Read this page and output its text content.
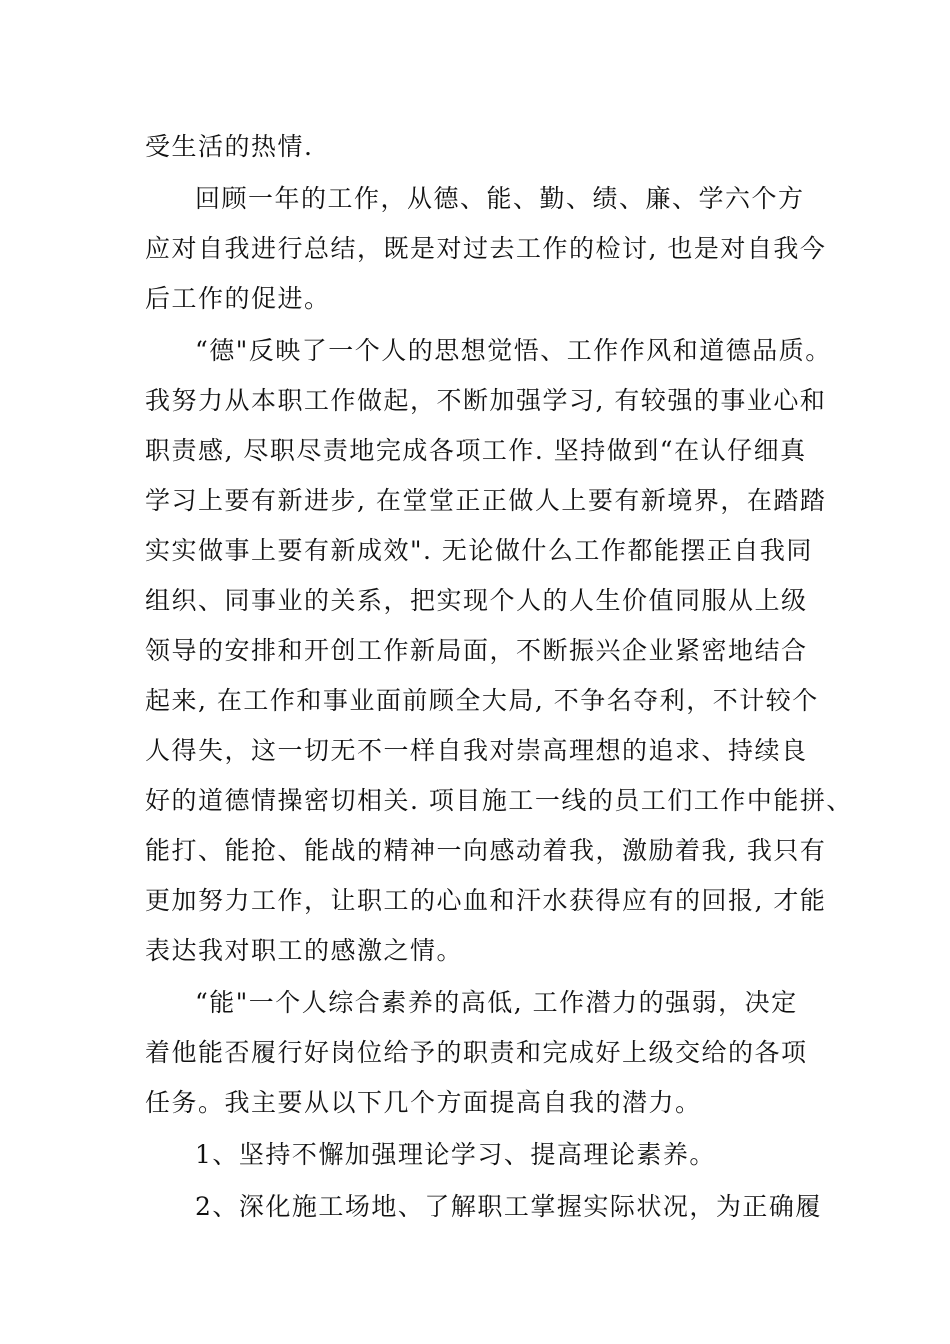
受生活的热情.
回顾一年的工作，从德、能、勤、绩、廉、学六个方
应对自我进行总结，既是对过去工作的检讨, 也是对自我今
后工作的促进。
“德"反映了一个人的思想觉悟、工作作风和道德品质。
我努力从本职工作做起，不断加强学习, 有较强的事业心和
职责感, 尽职尽责地完成各项工作. 坚持做到“在认仔细真
学习上要有新进步, 在堂堂正正做人上要有新境界，在踏踏
实实做事上要有新成效". 无论做什么工作都能摆正自我同
组织、同事业的关系，把实现个人的人生价值同服从上级
领导的安排和开创工作新局面，不断振兴企业紧密地结合
起来, 在工作和事业面前顾全大局, 不争名夺利，不计较个
人得失，这一切无不一样自我对崇高理想的追求、持续良
好的道德情操密切相关. 项目施工一线的员工们工作中能拼、
能打、能抢、能战的精神一向感动着我，激励着我, 我只有
更加努力工作，让职工的心血和汗水获得应有的回报, 才能
表达我对职工的感激之情。
“能"一个人综合素养的高低, 工作潜力的强弱，决定
着他能否履行好岗位给予的职责和完成好上级交给的各项
任务。我主要从以下几个方面提高自我的潜力。
1、坚持不懈加强理论学习、提高理论素养。
2、深化施工场地、了解职工掌握实际状况，为正确履
